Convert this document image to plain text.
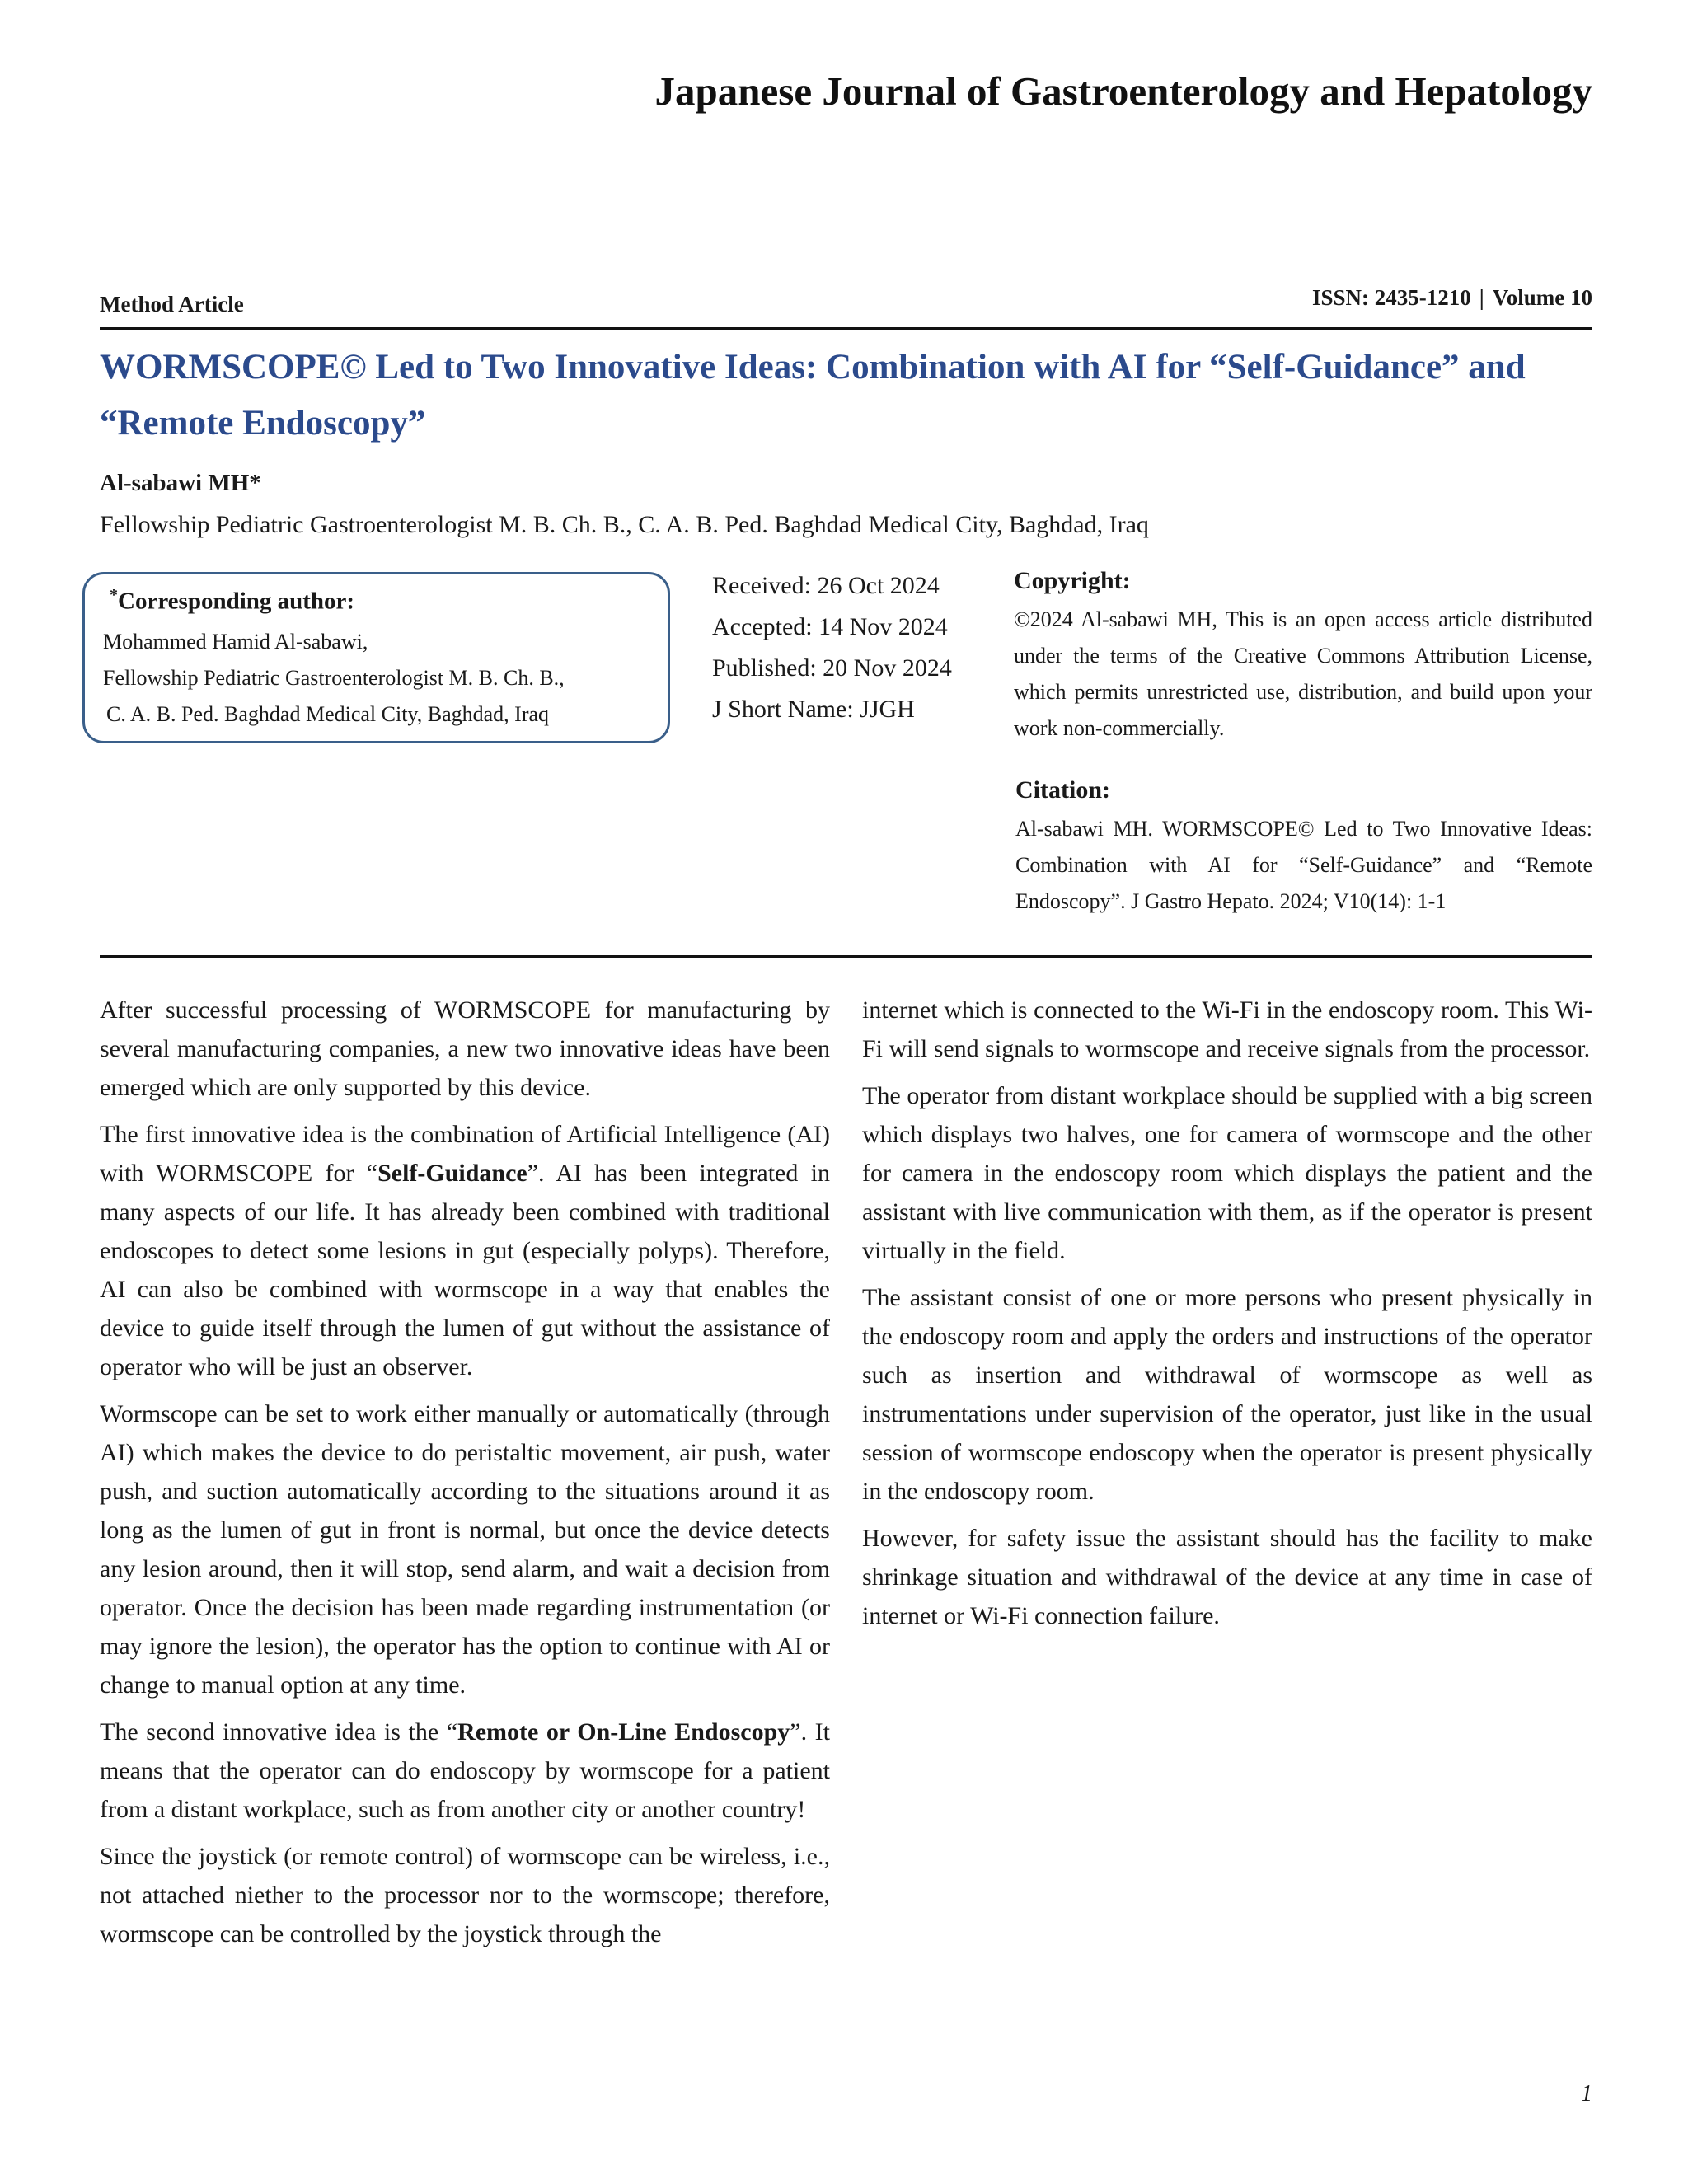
Japanese Journal of Gastroenterology and Hepatology
Method Article	ISSN: 2435-1210 | Volume 10
WORMSCOPE© Led to Two Innovative Ideas: Combination with AI for “Self-Guidance” and “Remote Endoscopy”
Al-sabawi MH*
Fellowship Pediatric Gastroenterologist M. B. Ch. B., C. A. B. Ped. Baghdad Medical City, Baghdad, Iraq
*Corresponding author:
Mohammed Hamid Al-sabawi,
Fellowship Pediatric Gastroenterologist M. B. Ch. B.,
C. A. B. Ped. Baghdad Medical City, Baghdad, Iraq
Received: 26 Oct 2024
Accepted: 14 Nov 2024
Published: 20 Nov 2024
J Short Name: JJGH
Copyright:
©2024 Al-sabawi MH, This is an open access article distributed under the terms of the Creative Commons Attribution License, which permits unrestricted use, distribution, and build upon your work non-commercially.
Citation:
Al-sabawi MH. WORMSCOPE© Led to Two Innovative Ideas: Combination with AI for “Self-Guidance” and “Remote Endoscopy”. J Gastro Hepato. 2024; V10(14): 1-1

After successful processing of WORMSCOPE for manufacturing by several manufacturing companies, a new two innovative ideas have been emerged which are only supported by this device.

The first innovative idea is the combination of Artificial Intelligence (AI) with WORMSCOPE for “Self-Guidance”. AI has been integrated in many aspects of our life. It has already been combined with traditional endoscopes to detect some lesions in gut (especially polyps). Therefore, AI can also be combined with wormscope in a way that enables the device to guide itself through the lumen of gut without the assistance of operator who will be just an observer.

Wormscope can be set to work either manually or automatically (through AI) which makes the device to do peristaltic movement, air push, water push, and suction automatically according to the situations around it as long as the lumen of gut in front is normal, but once the device detects any lesion around, then it will stop, send alarm, and wait a decision from operator. Once the decision has been made regarding instrumentation (or may ignore the lesion), the operator has the option to continue with AI or change to manual option at any time.

The second innovative idea is the “Remote or On-Line Endoscopy”. It means that the operator can do endoscopy by wormscope for a patient from a distant workplace, such as from another city or another country!

Since the joystick (or remote control) of wormscope can be wireless, i.e., not attached niether to the processor nor to the wormscope; therefore, wormscope can be controlled by the joystick through the

internet which is connected to the Wi-Fi in the endoscopy room. This Wi-Fi will send signals to wormscope and receive signals from the processor.

The operator from distant workplace should be supplied with a big screen which displays two halves, one for camera of wormscope and the other for camera in the endoscopy room which displays the patient and the assistant with live communication with them, as if the operator is present virtually in the field.

The assistant consist of one or more persons who present physically in the endoscopy room and apply the orders and instructions of the operator such as insertion and withdrawal of wormscope as well as instrumentations under supervision of the operator, just like in the usual session of wormscope endoscopy when the operator is present physically in the endoscopy room.

However, for safety issue the assistant should has the facility to make shrinkage situation and withdrawal of the device at any time in case of internet or Wi-Fi connection failure.

1
